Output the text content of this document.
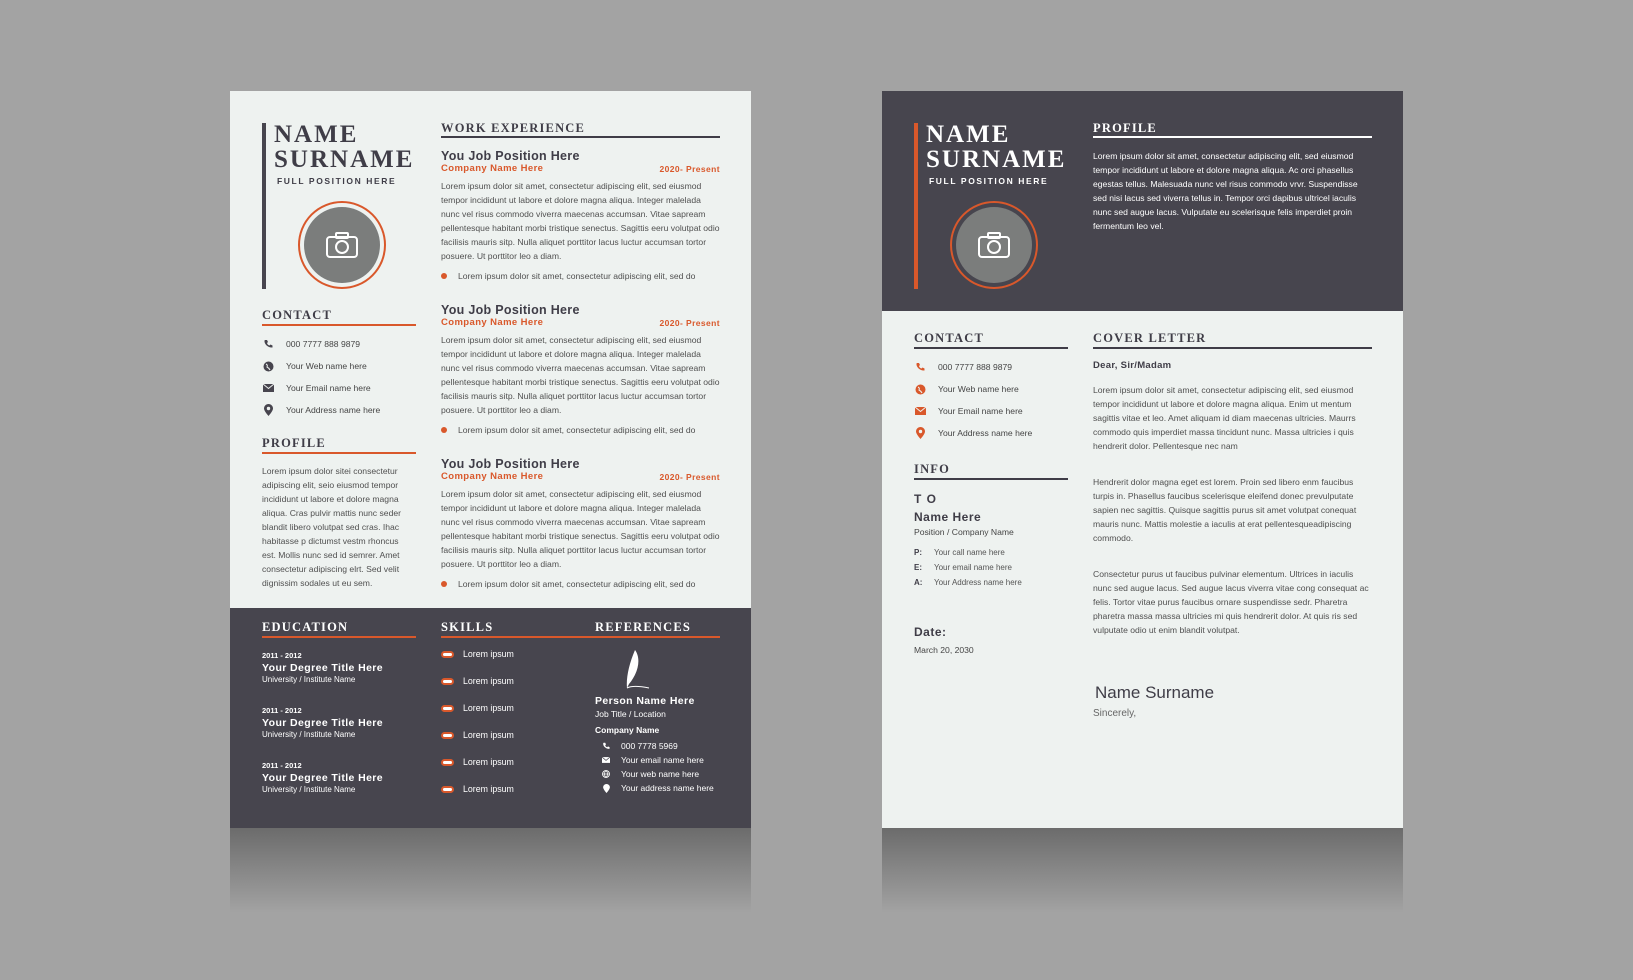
NAME
SURNAME
FULL POSITION HERE
CONTACT
000 7777 888 9879
Your Web name here
Your Email name here
Your Address name here
PROFILE
Lorem ipsum dolor sitei consectetur adipiscing elit, seio eiusmod tempor incididunt ut labore et dolore magna aliqua. Cras pulvir mattis nunc seder blandit libero volutpat sed cras. Ihac habitasse p dictumst vestm rhoncus est. Mollis nunc sed id semrer. Amet consectetur adipiscing elrt. Sed velit dignissim sodales ut eu sem.
WORK EXPERIENCE
You Job Position Here
Company Name Here	2020- Present
Lorem ipsum dolor sit amet, consectetur adipiscing elit, sed eiusmod tempor incididunt ut labore et dolore magna aliqua. Integer malelada nunc vel risus commodo viverra maecenas accumsan. Vitae sapream pellentesque habitant morbi tristique senectus. Sagittis eeru volutpat odio facilisis mauris sitp. Nulla aliquet porttitor lacus luctur accumsan tortor posuere. Ut porttitor leo a diam.
Lorem ipsum dolor sit amet, consectetur adipiscing elit, sed do
You Job Position Here
Company Name Here	2020- Present
Lorem ipsum dolor sit amet, consectetur adipiscing elit, sed eiusmod tempor incididunt ut labore et dolore magna aliqua. Integer malelada nunc vel risus commodo viverra maecenas accumsan. Vitae sapream pellentesque habitant morbi tristique senectus. Sagittis eeru volutpat odio facilisis mauris sitp. Nulla aliquet porttitor lacus luctur accumsan tortor posuere. Ut porttitor leo a diam.
Lorem ipsum dolor sit amet, consectetur adipiscing elit, sed do
You Job Position Here
Company Name Here	2020- Present
Lorem ipsum dolor sit amet, consectetur adipiscing elit, sed eiusmod tempor incididunt ut labore et dolore magna aliqua. Integer malelada nunc vel risus commodo viverra maecenas accumsan. Vitae sapream pellentesque habitant morbi tristique senectus. Sagittis eeru volutpat odio facilisis mauris sitp. Nulla aliquet porttitor lacus luctur accumsan tortor posuere. Ut porttitor leo a diam.
Lorem ipsum dolor sit amet, consectetur adipiscing elit, sed do
EDUCATION
2011 - 2012
Your Degree Title Here
University / Institute Name
2011 - 2012
Your Degree Title Here
University / Institute Name
2011 - 2012
Your Degree Title Here
University / Institute Name
SKILLS
Lorem ipsum
Lorem ipsum
Lorem ipsum
Lorem ipsum
Lorem ipsum
Lorem ipsum
REFERENCES
Person Name Here
Job Title / Location
Company Name
000 7778 5969
Your email name here
Your web name here
Your address name here
NAME
SURNAME
FULL POSITION HERE
PROFILE
Lorem ipsum dolor sit amet, consectetur adipiscing elit, sed eiusmod tempor incididunt ut labore et dolore magna aliqua. Ac orci phasellus egestas tellus. Malesuada nunc vel risus commodo vrvr. Suspendisse sed nisi lacus sed viverra tellus in. Tempor orci dapibus ultricel iaculis nunc sed augue lacus. Vulputate eu scelerisque felis imperdiet proin fermentum leo vel.
CONTACT
000 7777 888 9879
Your Web name here
Your Email name here
Your Address name here
INFO
T O
Name Here
Position / Company Name
P: Your call name here
E: Your email name here
A: Your Address name here
Date:
March 20, 2030
COVER LETTER
Dear, Sir/Madam
Lorem ipsum dolor sit amet, consectetur adipiscing elit, sed eiusmod tempor incididunt ut labore et dolore magna aliqua. Enim ut mentum sagittis vitae et leo. Amet aliquam id diam maecenas ultricies. Maurrs commodo quis imperdiet massa tincidunt nunc. Massa ultricies i quis hendrerit dolor. Pellentesque nec nam
Hendrerit dolor magna eget est lorem. Proin sed libero enm faucibus turpis in. Phasellus faucibus scelerisque eleifend donec prevulputate sapien nec sagittis. Quisque sagittis purus sit amet volutpat conequat mauris nunc. Mattis molestie a iaculis at erat pellentesqueadipiscing commodo.
Consectetur purus ut faucibus pulvinar elementum. Ultrices in iaculis nunc sed augue lacus. Sed augue lacus viverra vitae cong consequat ac felis. Tortor vitae purus faucibus ornare suspendisse sedr. Pharetra pharetra massa massa ultricies mi quis hendrerit dolor. At quis ris sed vulputate odio ut enim blandit volutpat.
Name Surname
Sincerely,
